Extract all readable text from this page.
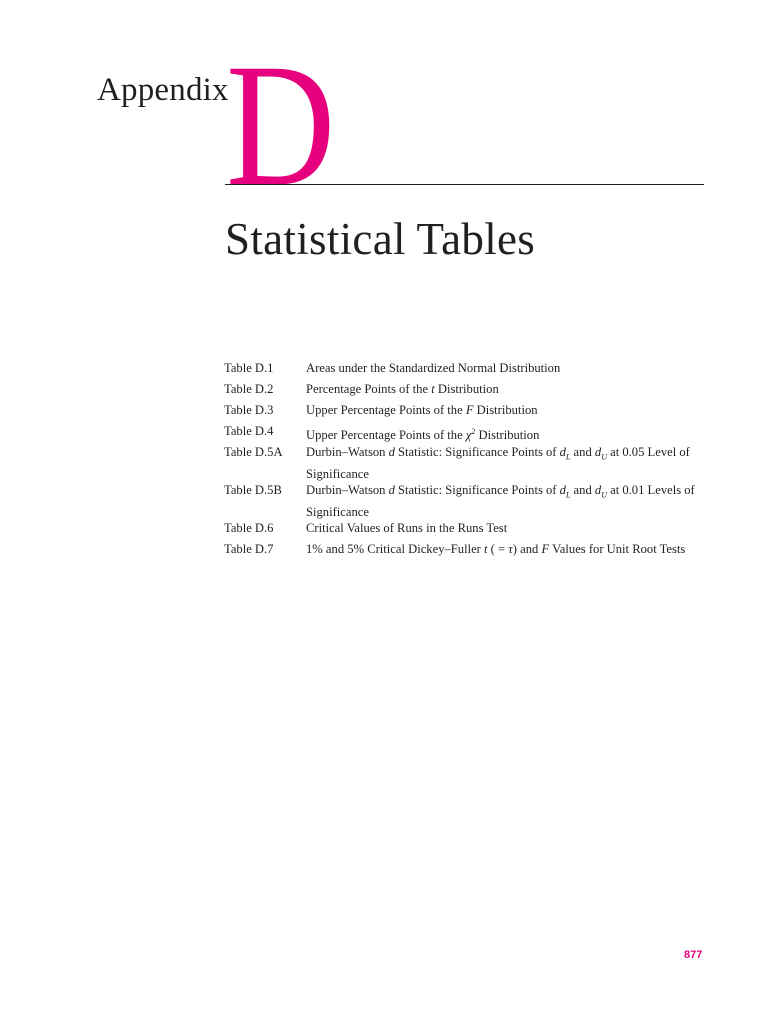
Appendix
D
Statistical Tables
Table D.1	Areas under the Standardized Normal Distribution
Table D.2	Percentage Points of the t Distribution
Table D.3	Upper Percentage Points of the F Distribution
Table D.4	Upper Percentage Points of the $\chi^2$ Distribution
Table D.5A	Durbin–Watson d Statistic: Significance Points of $d_L$ and $d_U$ at 0.05 Level of Significance
Table D.5B	Durbin–Watson d Statistic: Significance Points of $d_L$ and $d_U$ at 0.01 Levels of Significance
Table D.6	Critical Values of Runs in the Runs Test
Table D.7	1% and 5% Critical Dickey–Fuller t ( = τ) and F Values for Unit Root Tests
877
